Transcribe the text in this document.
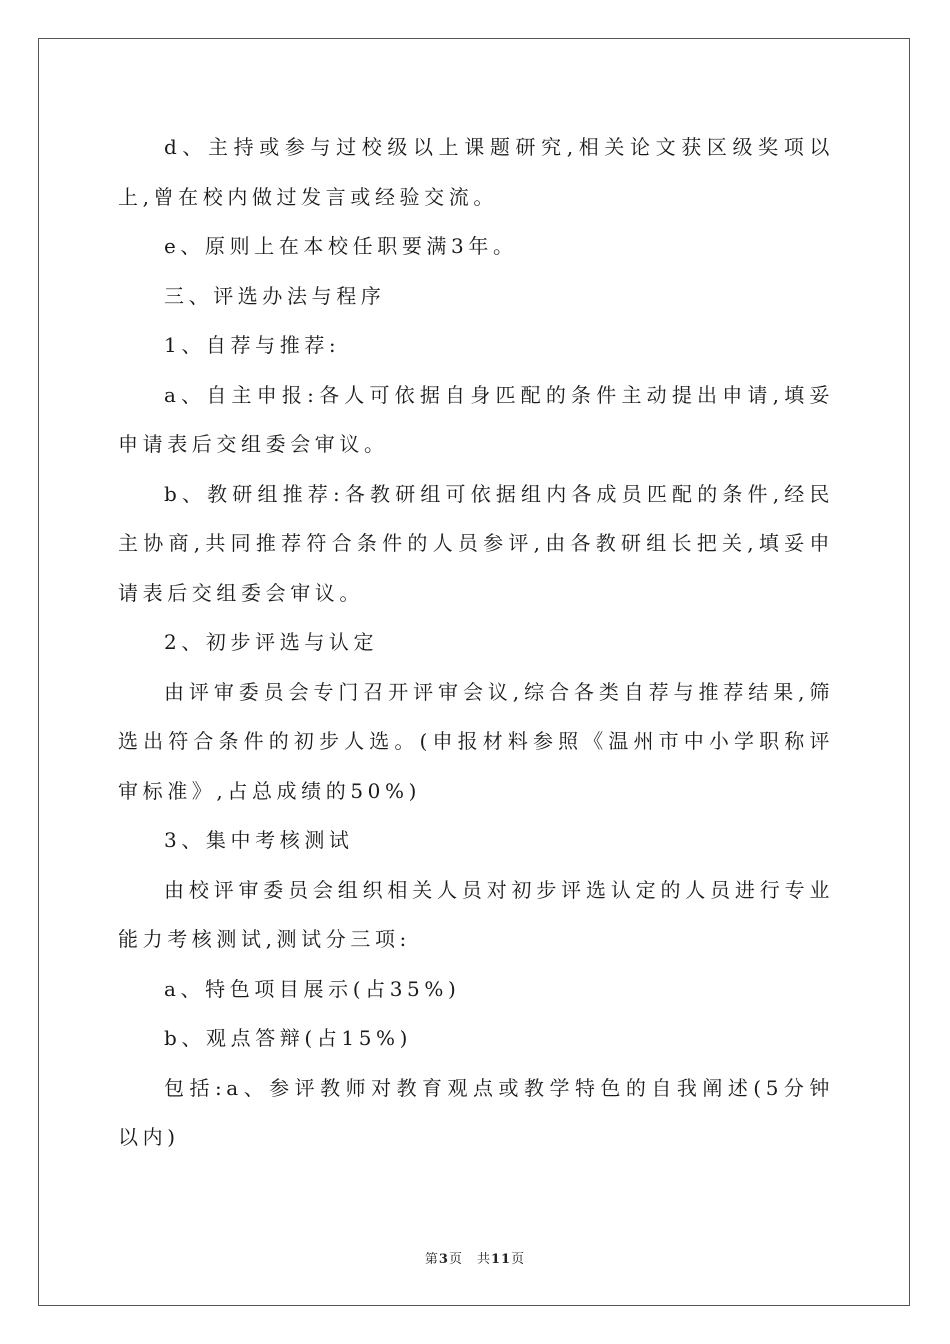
d、主持或参与过校级以上课题研究,相关论文获区级奖项以上,曾在校内做过发言或经验交流。

e、原则上在本校任职要满3年。

三、评选办法与程序

1、自荐与推荐:

a、自主申报:各人可依据自身匹配的条件主动提出申请,填妥申请表后交组委会审议。

b、教研组推荐:各教研组可依据组内各成员匹配的条件,经民主协商,共同推荐符合条件的人员参评,由各教研组长把关,填妥申请表后交组委会审议。

2、初步评选与认定

由评审委员会专门召开评审会议,综合各类自荐与推荐结果,筛选出符合条件的初步人选。(申报材料参照《温州市中小学职称评审标准》,占总成绩的50%)

3、集中考核测试

由校评审委员会组织相关人员对初步评选认定的人员进行专业能力考核测试,测试分三项:

a、特色项目展示(占35%)

b、观点答辩(占15%)

包括:a、参评教师对教育观点或教学特色的自我阐述(5分钟以内)

第3页 共11页
